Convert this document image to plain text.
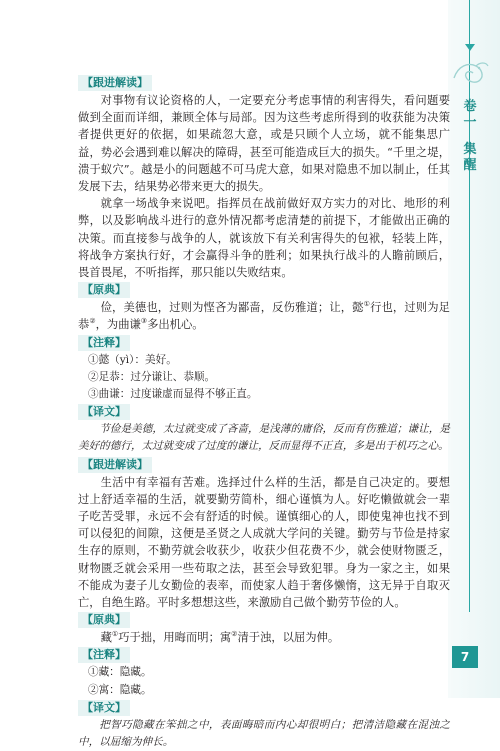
卷
一
集
醒
【跟进解读】

对事物有议论资格的人，一定要充分考虑事情的利害得失，看问题要做到全面而详细，兼顾全体与局部。因为这些考虑所得到的收获能为决策者提供更好的依据，如果疏忽大意，或是只顾个人立场，就不能集思广益，势必会遇到难以解决的障碍，甚至可能造成巨大的损失。“千里之堤，溃于蚁穴”。越是小的问题越不可马虎大意，如果对隐患不加以制止，任其发展下去，结果势必带来更大的损失。

就拿一场战争来说吧。指挥员在战前做好双方实力的对比、地形的利弊，以及影响战斗进行的意外情况都考虑清楚的前提下，才能做出正确的决策。而直接参与战争的人，就该放下有关利害得失的包袱，轻装上阵，将战争方案执行好，才会赢得斗争的胜利；如果执行战斗的人瞻前顾后，畏首畏尾，不听指挥，那只能以失败结束。

【原典】

俭，美德也，过则为悭吝为鄙啬，反伤雅道；让，懿①行也，过则为足恭②，为曲谦③多出机心。

【注释】

①懿（yì）：美好。

②足恭：过分谦让、恭顺。

③曲谦：过度谦虚而显得不够正直。

【译文】

节俭是美德，太过就变成了吝啬，是浅薄的庸俗，反而有伤雅道；谦让，是美好的德行，太过就变成了过度的谦让，反而显得不正直，多是出于机巧之心。

【跟进解读】

生活中有幸福有苦难。选择过什么样的生活，都是自己决定的。要想过上舒适幸福的生活，就要勤劳简朴，细心谨慎为人。好吃懒做就会一辈子吃苦受罪，永远不会有舒适的时候。谨慎细心的人，即使鬼神也找不到可以侵犯的间隙，这便是圣贤之人成就大学问的关键。勤劳与节俭是持家生存的原则，不勤劳就会收获少，收获少但花费不少，就会使财物匮乏，财物匮乏就会采用一些苟取之法，甚至会导致犯罪。身为一家之主，如果不能成为妻子儿女勤俭的表率，而使家人趋于奢侈懒惰，这无异于自取灭亡，自绝生路。平时多想想这些，来激励自己做个勤劳节俭的人。

【原典】

藏①巧于拙，用晦而明；寓②清于浊，以屈为伸。

【注释】

①藏：隐藏。

②寓：隐藏。

【译文】

把智巧隐藏在笨拙之中，表面晦暗而内心却很明白；把清洁隐藏在混浊之中，以屈缩为伸长。

7
